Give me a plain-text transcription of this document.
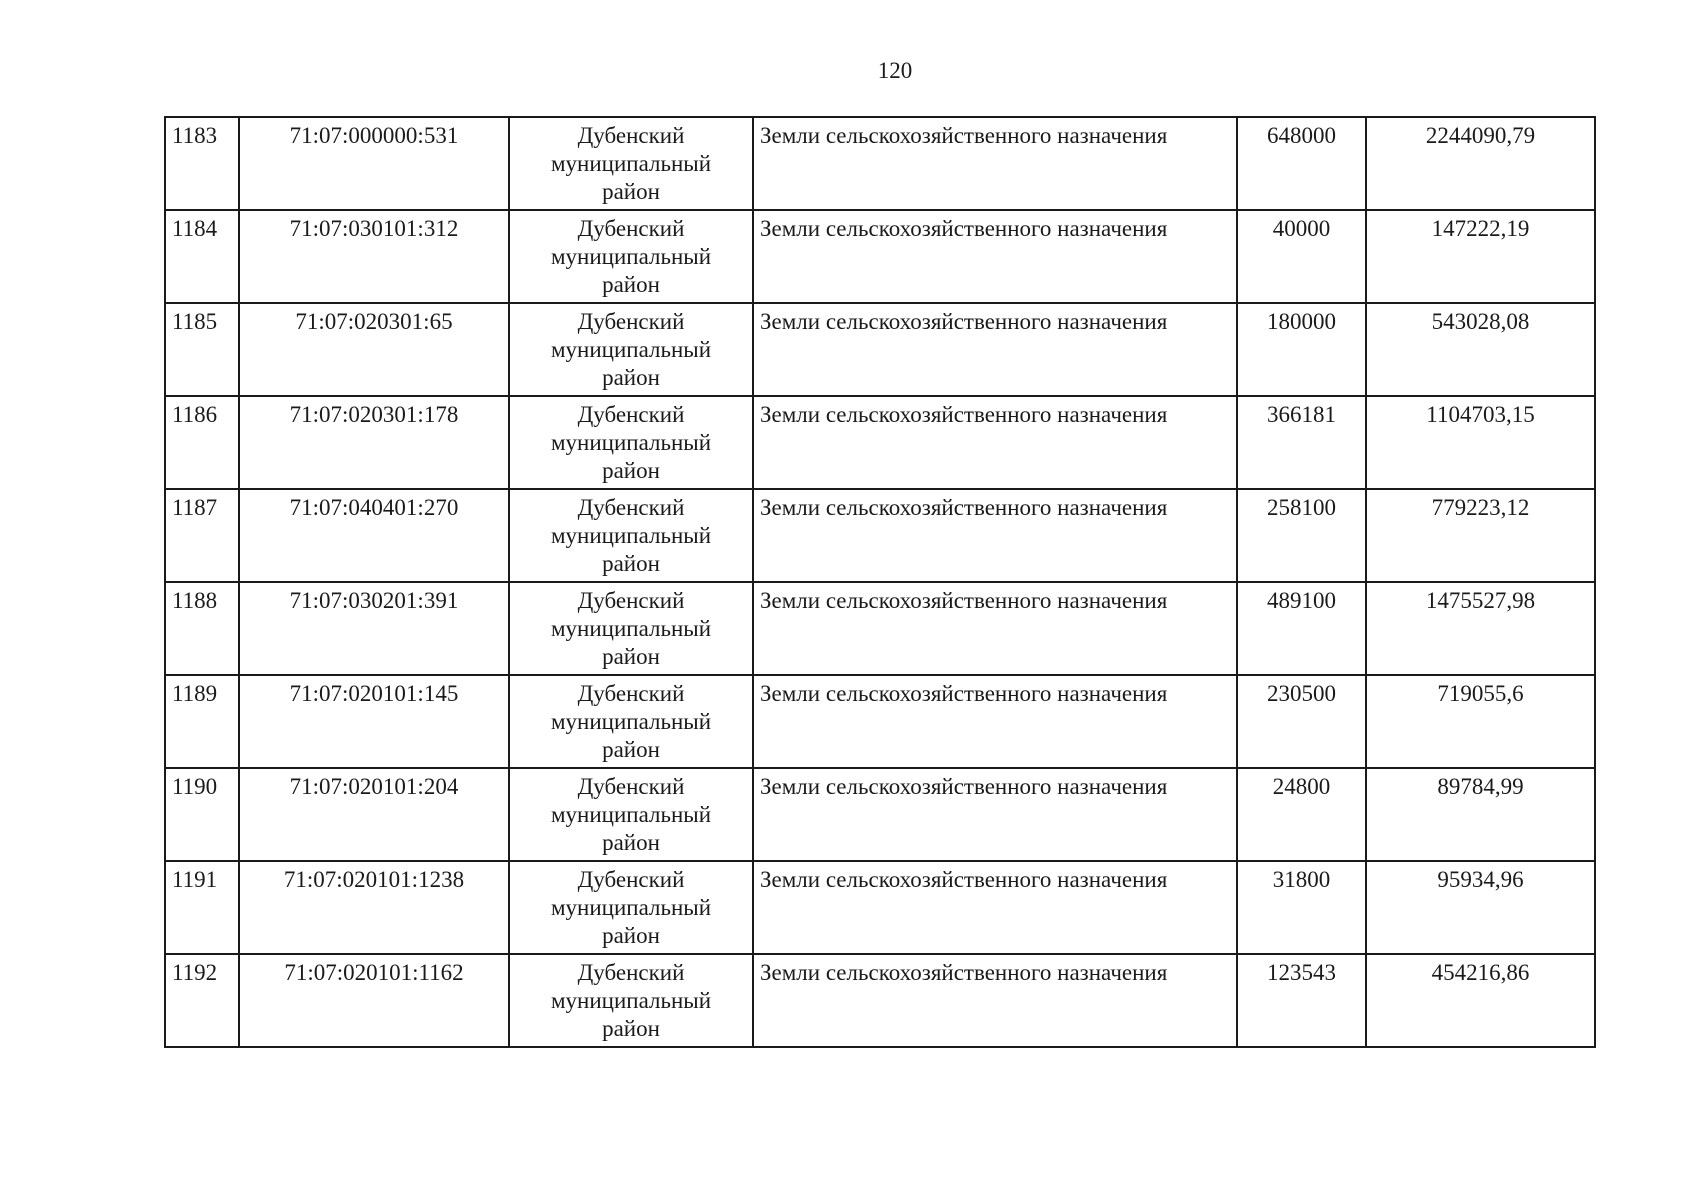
120
1183	71:07:000000:531	Дубенский
муниципальный
район	Земли сельскохозяйственного назначения	648000	2244090,79
1184	71:07:030101:312	Дубенский
муниципальный
район	Земли сельскохозяйственного назначения	40000	147222,19
1185	71:07:020301:65	Дубенский
муниципальный
район	Земли сельскохозяйственного назначения	180000	543028,08
1186	71:07:020301:178	Дубенский
муниципальный
район	Земли сельскохозяйственного назначения	366181	1104703,15
1187	71:07:040401:270	Дубенский
муниципальный
район	Земли сельскохозяйственного назначения	258100	779223,12
1188	71:07:030201:391	Дубенский
муниципальный
район	Земли сельскохозяйственного назначения	489100	1475527,98
1189	71:07:020101:145	Дубенский
муниципальный
район	Земли сельскохозяйственного назначения	230500	719055,6
1190	71:07:020101:204	Дубенский
муниципальный
район	Земли сельскохозяйственного назначения	24800	89784,99
1191	71:07:020101:1238	Дубенский
муниципальный
район	Земли сельскохозяйственного назначения	31800	95934,96
1192	71:07:020101:1162	Дубенский
муниципальный
район	Земли сельскохозяйственного назначения	123543	454216,86
